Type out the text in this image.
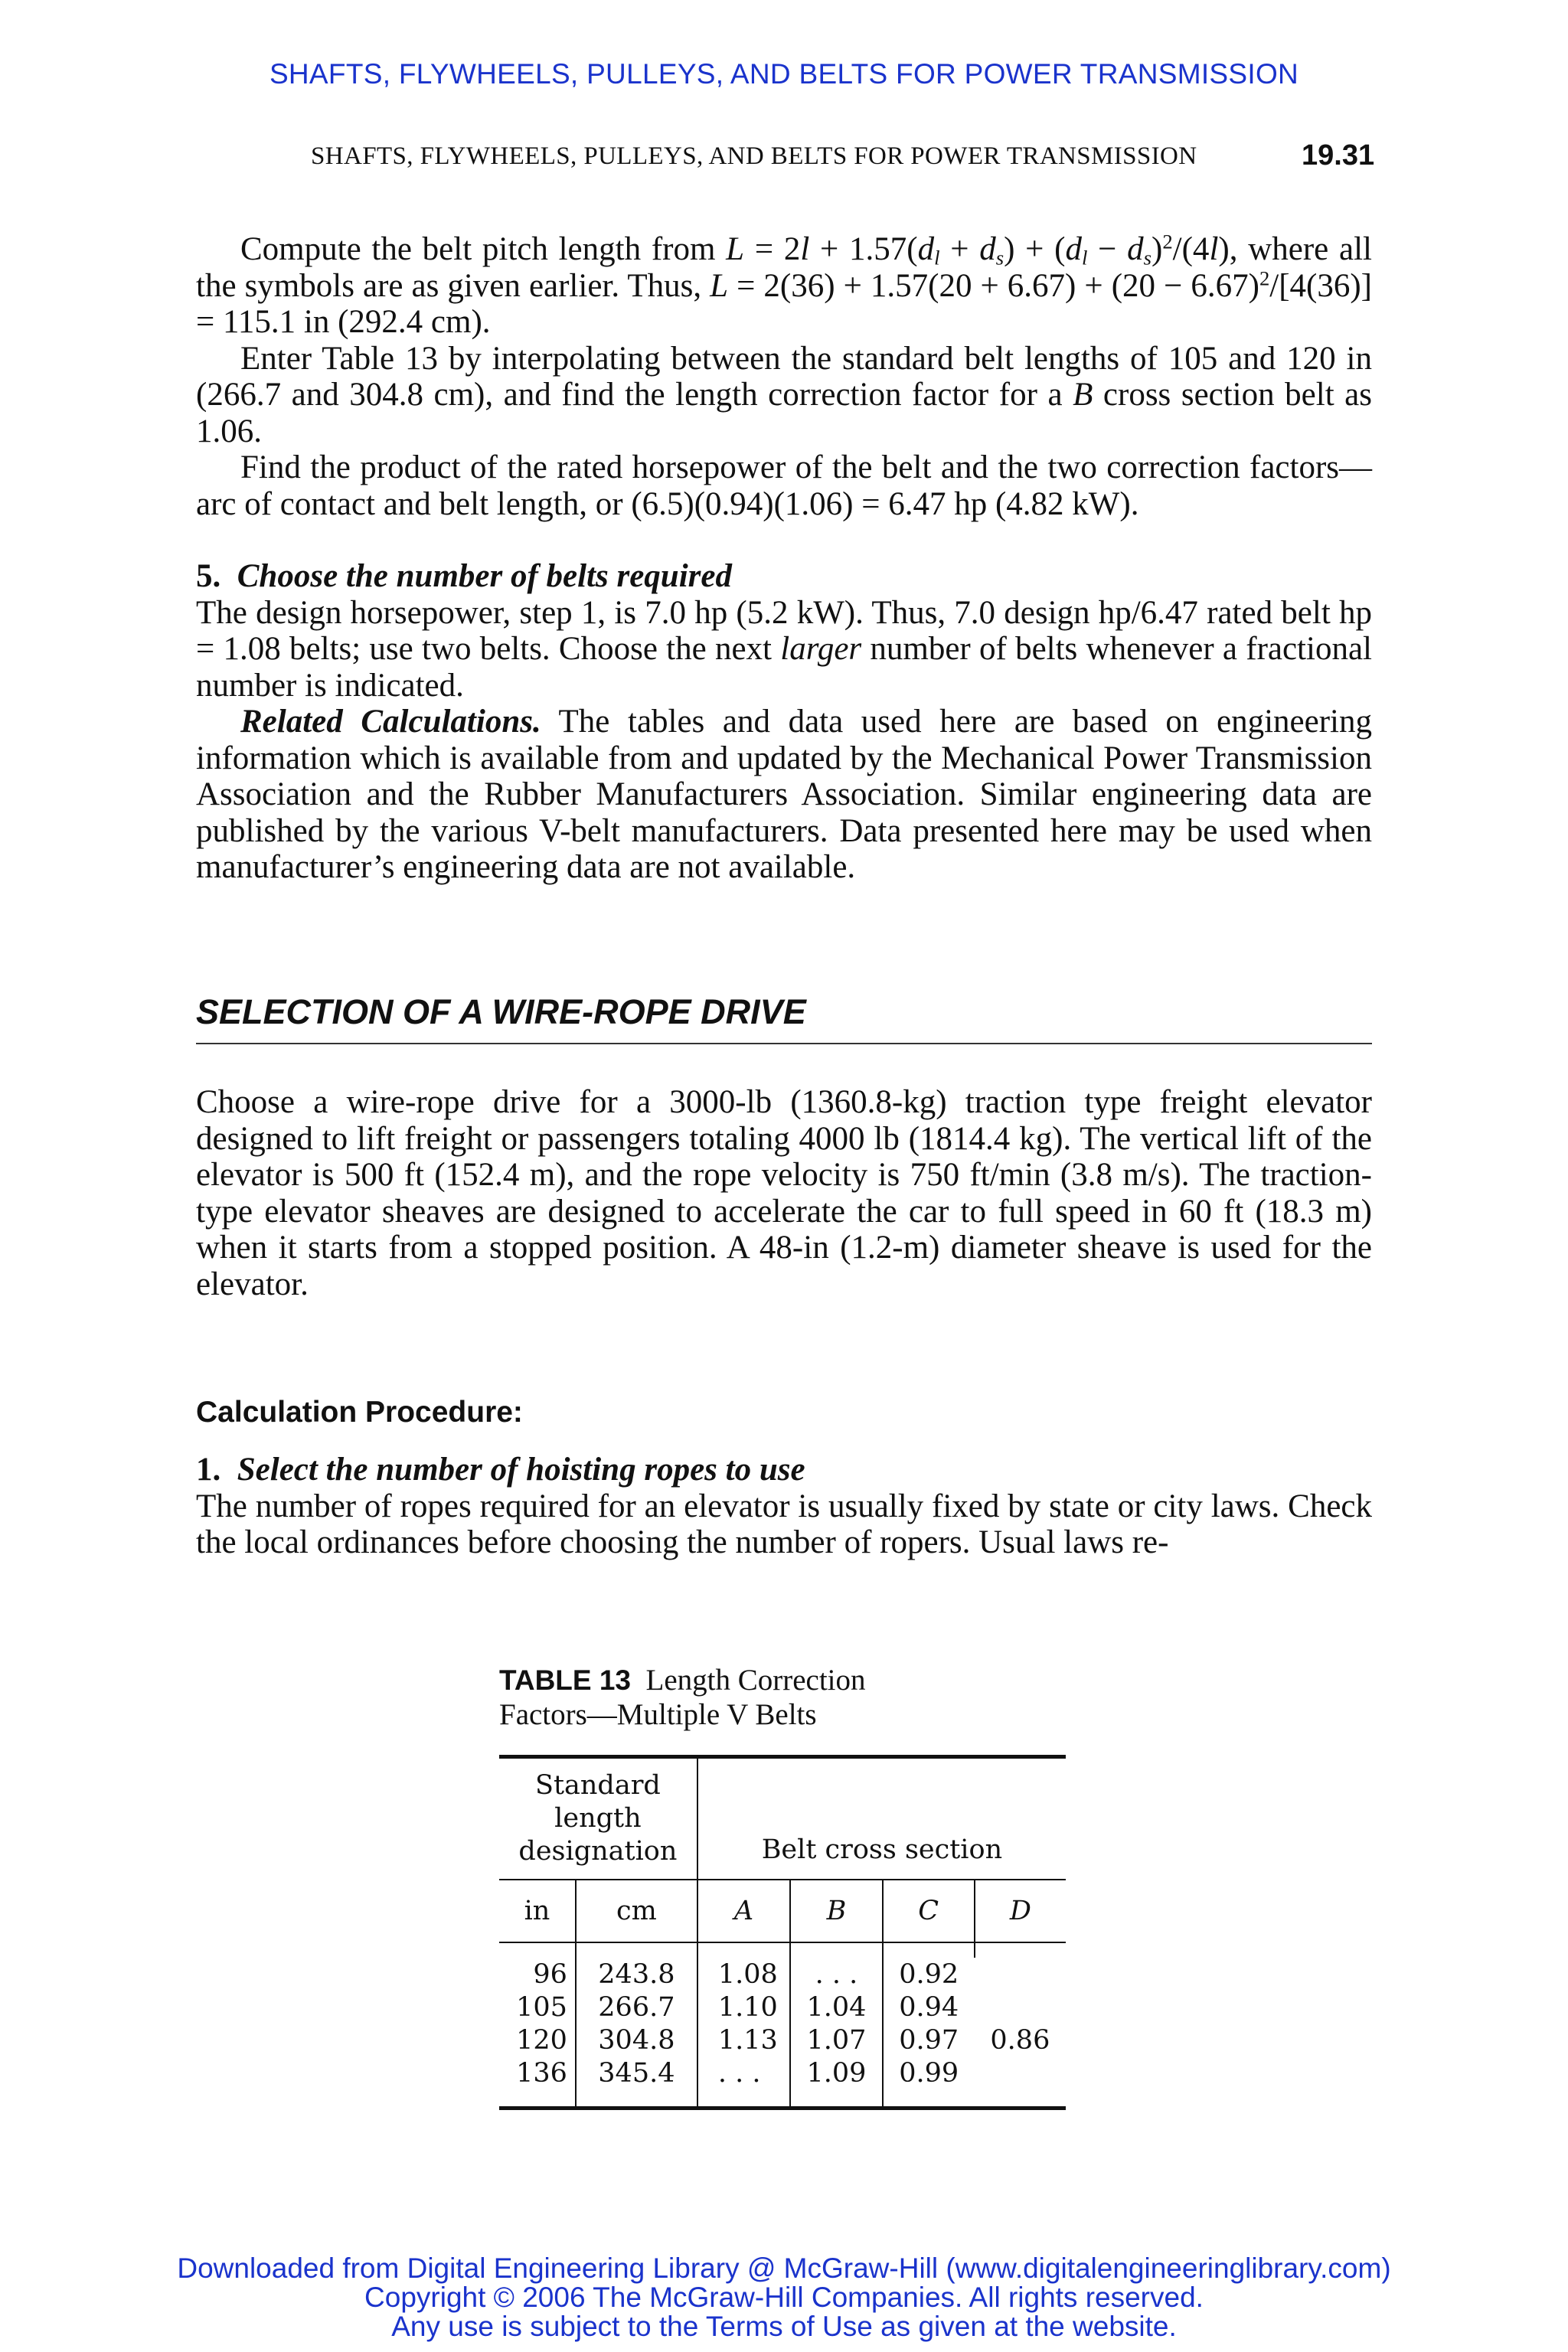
SHAFTS, FLYWHEELS, PULLEYS, AND BELTS FOR POWER TRANSMISSION
SHAFTS, FLYWHEELS, PULLEYS, AND BELTS FOR POWER TRANSMISSION	19.31

Compute the belt pitch length from $L = 2l + 1.57(d_l + d_s) + (d_l - d_s)^2/(4l)$, where all the symbols are as given earlier. Thus, $L = 2(36) + 1.57(20 + 6.67) + (20 - 6.67)^2/[4(36)] = 115.1$ in (292.4 cm).

Enter Table 13 by interpolating between the standard belt lengths of 105 and 120 in (266.7 and 304.8 cm), and find the length correction factor for a B cross section belt as 1.06.

Find the product of the rated horsepower of the belt and the two correction factors—arc of contact and belt length, or (6.5)(0.94)(1.06) = 6.47 hp (4.82 kW).

5. Choose the number of belts required

The design horsepower, step 1, is 7.0 hp (5.2 kW). Thus, 7.0 design hp/6.47 rated belt hp = 1.08 belts; use two belts. Choose the next larger number of belts whenever a fractional number is indicated.

Related Calculations. The tables and data used here are based on engineering information which is available from and updated by the Mechanical Power Transmission Association and the Rubber Manufacturers Association. Similar engineering data are published by the various V-belt manufacturers. Data presented here may be used when manufacturer’s engineering data are not available.

SELECTION OF A WIRE-ROPE DRIVE

Choose a wire-rope drive for a 3000-lb (1360.8-kg) traction type freight elevator designed to lift freight or passengers totaling 4000 lb (1814.4 kg). The vertical lift of the elevator is 500 ft (152.4 m), and the rope velocity is 750 ft/min (3.8 m/s). The traction-type elevator sheaves are designed to accelerate the car to full speed in 60 ft (18.3 m) when it starts from a stopped position. A 48-in (1.2-m) diameter sheave is used for the elevator.

Calculation Procedure:

1. Select the number of hoisting ropes to use

The number of ropes required for an elevator is usually fixed by state or city laws. Check the local ordinances before choosing the number of ropers. Usual laws re-

TABLE 13 Length Correction
Factors—Multiple V Belts
Standard
length
designation		Belt cross section			
in	cm	A	B	C	D

96	243.8	1.08	. . .	0.92	
105	266.7	1.10	1.04	0.94	
120	304.8	1.13	1.07	0.97	0.86
136	345.4	. . .	1.09	0.99	

Downloaded from Digital Engineering Library @ McGraw-Hill (www.digitalengineeringlibrary.com)
Copyright © 2006 The McGraw-Hill Companies. All rights reserved.
Any use is subject to the Terms of Use as given at the website.
